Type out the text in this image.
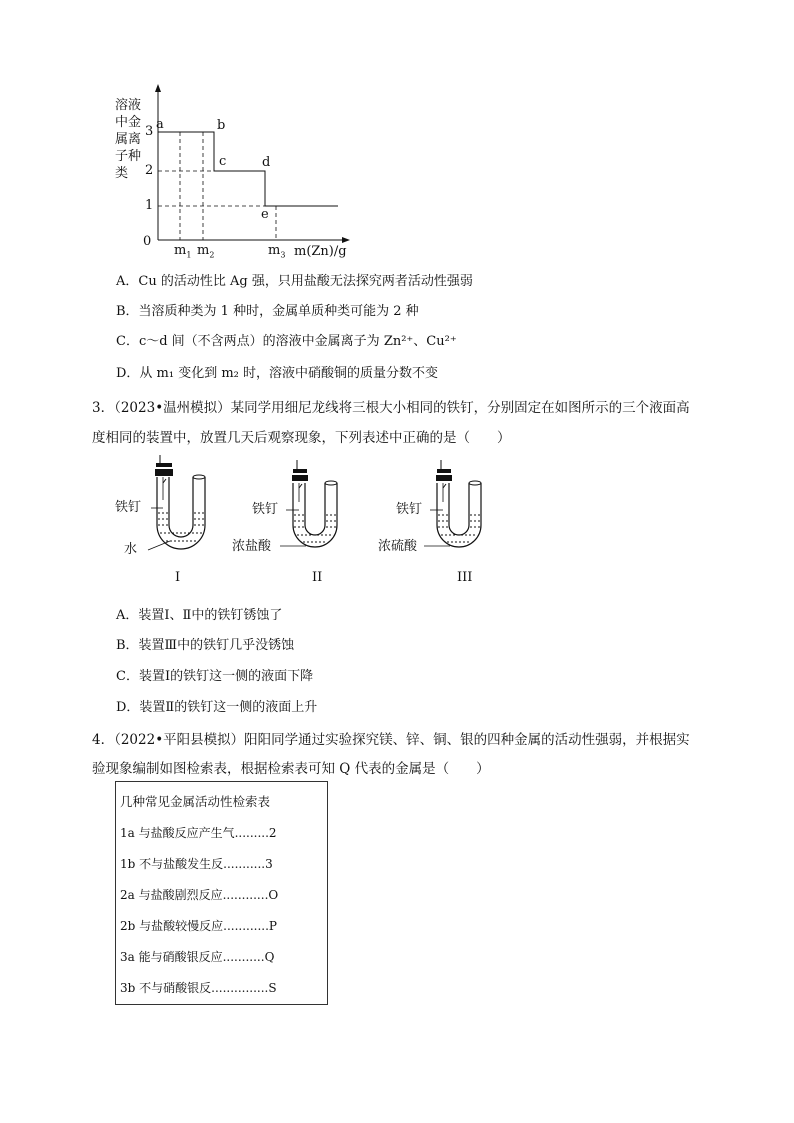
溶液
中金
属离
子种
类
3
2
1
0
a	b
c	d
e
$m_1$ $m_2$	$m_3$ m(Zn)/g
A．Cu 的活动性比 Ag 强，只用盐酸无法探究两者活动性强弱
B．当溶质种类为 1 种时，金属单质种类可能为 2 种
C．c～d 间（不含两点）的溶液中金属离子为 Zn²⁺、Cu²⁺
D．从 m₁ 变化到 m₂ 时，溶液中硝酸铜的质量分数不变
3．（2023•温州模拟）某同学用细尼龙线将三根大小相同的铁钉，分别固定在如图所示的三个液面高
度相同的装置中，放置几天后观察现象，下列表述中正确的是（　　）
铁钉
水
I
铁钉
浓盐酸
II
铁钉
浓硫酸
III
A．装置Ⅰ、Ⅱ中的铁钉锈蚀了
B．装置Ⅲ中的铁钉几乎没锈蚀
C．装置Ⅰ的铁钉这一侧的液面下降
D．装置Ⅱ的铁钉这一侧的液面上升
4．（2022•平阳县模拟）阳阳同学通过实验探究镁、锌、铜、银的四种金属的活动性强弱，并根据实
验现象编制如图检索表，根据检索表可知 Q 代表的金属是（　　）
几种常见金属活动性检索表
1a 与盐酸反应产生气.........2
1b 不与盐酸发生反...........3
2a 与盐酸剧烈反应............O
2b 与盐酸较慢反应............P
3a 能与硝酸银反应...........Q
3b 不与硝酸银反...............S
